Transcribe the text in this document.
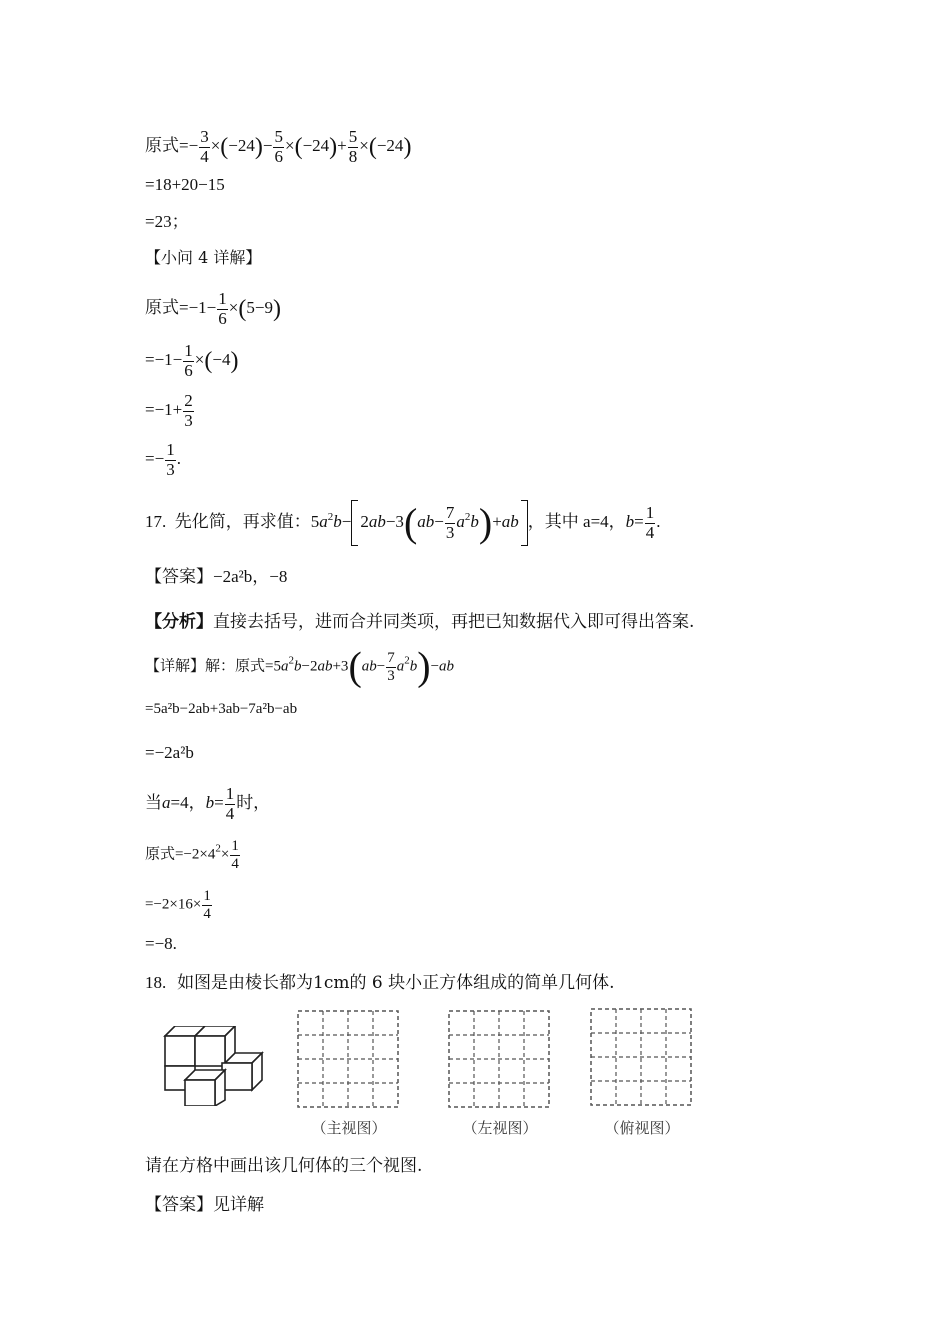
原式=− $\frac{3}{4} \times(-24)- \frac{5}{6} \times(-24)+ \frac{5}{8} \times(-24)$
=18+20−15
=23；
【小问 4 详解】
原式$=-1- \frac{1}{6} \times(5-9)$
$=-1- \frac{1}{6} \times(-4)$
$=-1+ \frac{2}{3}$
=− $\frac{1}{3}$ .
17. 先化简，再求值：$5a^2b- 2ab-3(ab- \frac{7}{3} a^2b)+ab$ ，其中 a=4，$b= \frac{1}{4}$ .
【答案】−2a²b，−8
【分析】直接去括号，进而合并同类项，再把已知数据代入即可得出答案.
【详解】解：原式$=5a^2b-2ab+3(ab- \frac{7}{3} a^2b)-ab$
=5a²b−2ab+3ab−7a²b−ab
=−2a²b
当a=4，$b= \frac{1}{4}$ 时，
原式$=-2\times 4^2\times \frac{1}{4}$
$=-2\times 16\times \frac{1}{4}$
=−8.
18. 如图是由棱长都为1cm的 6 块小正方体组成的简单几何体.
（主视图）	（左视图）	（俯视图）
请在方格中画出该几何体的三个视图.
【答案】见详解
